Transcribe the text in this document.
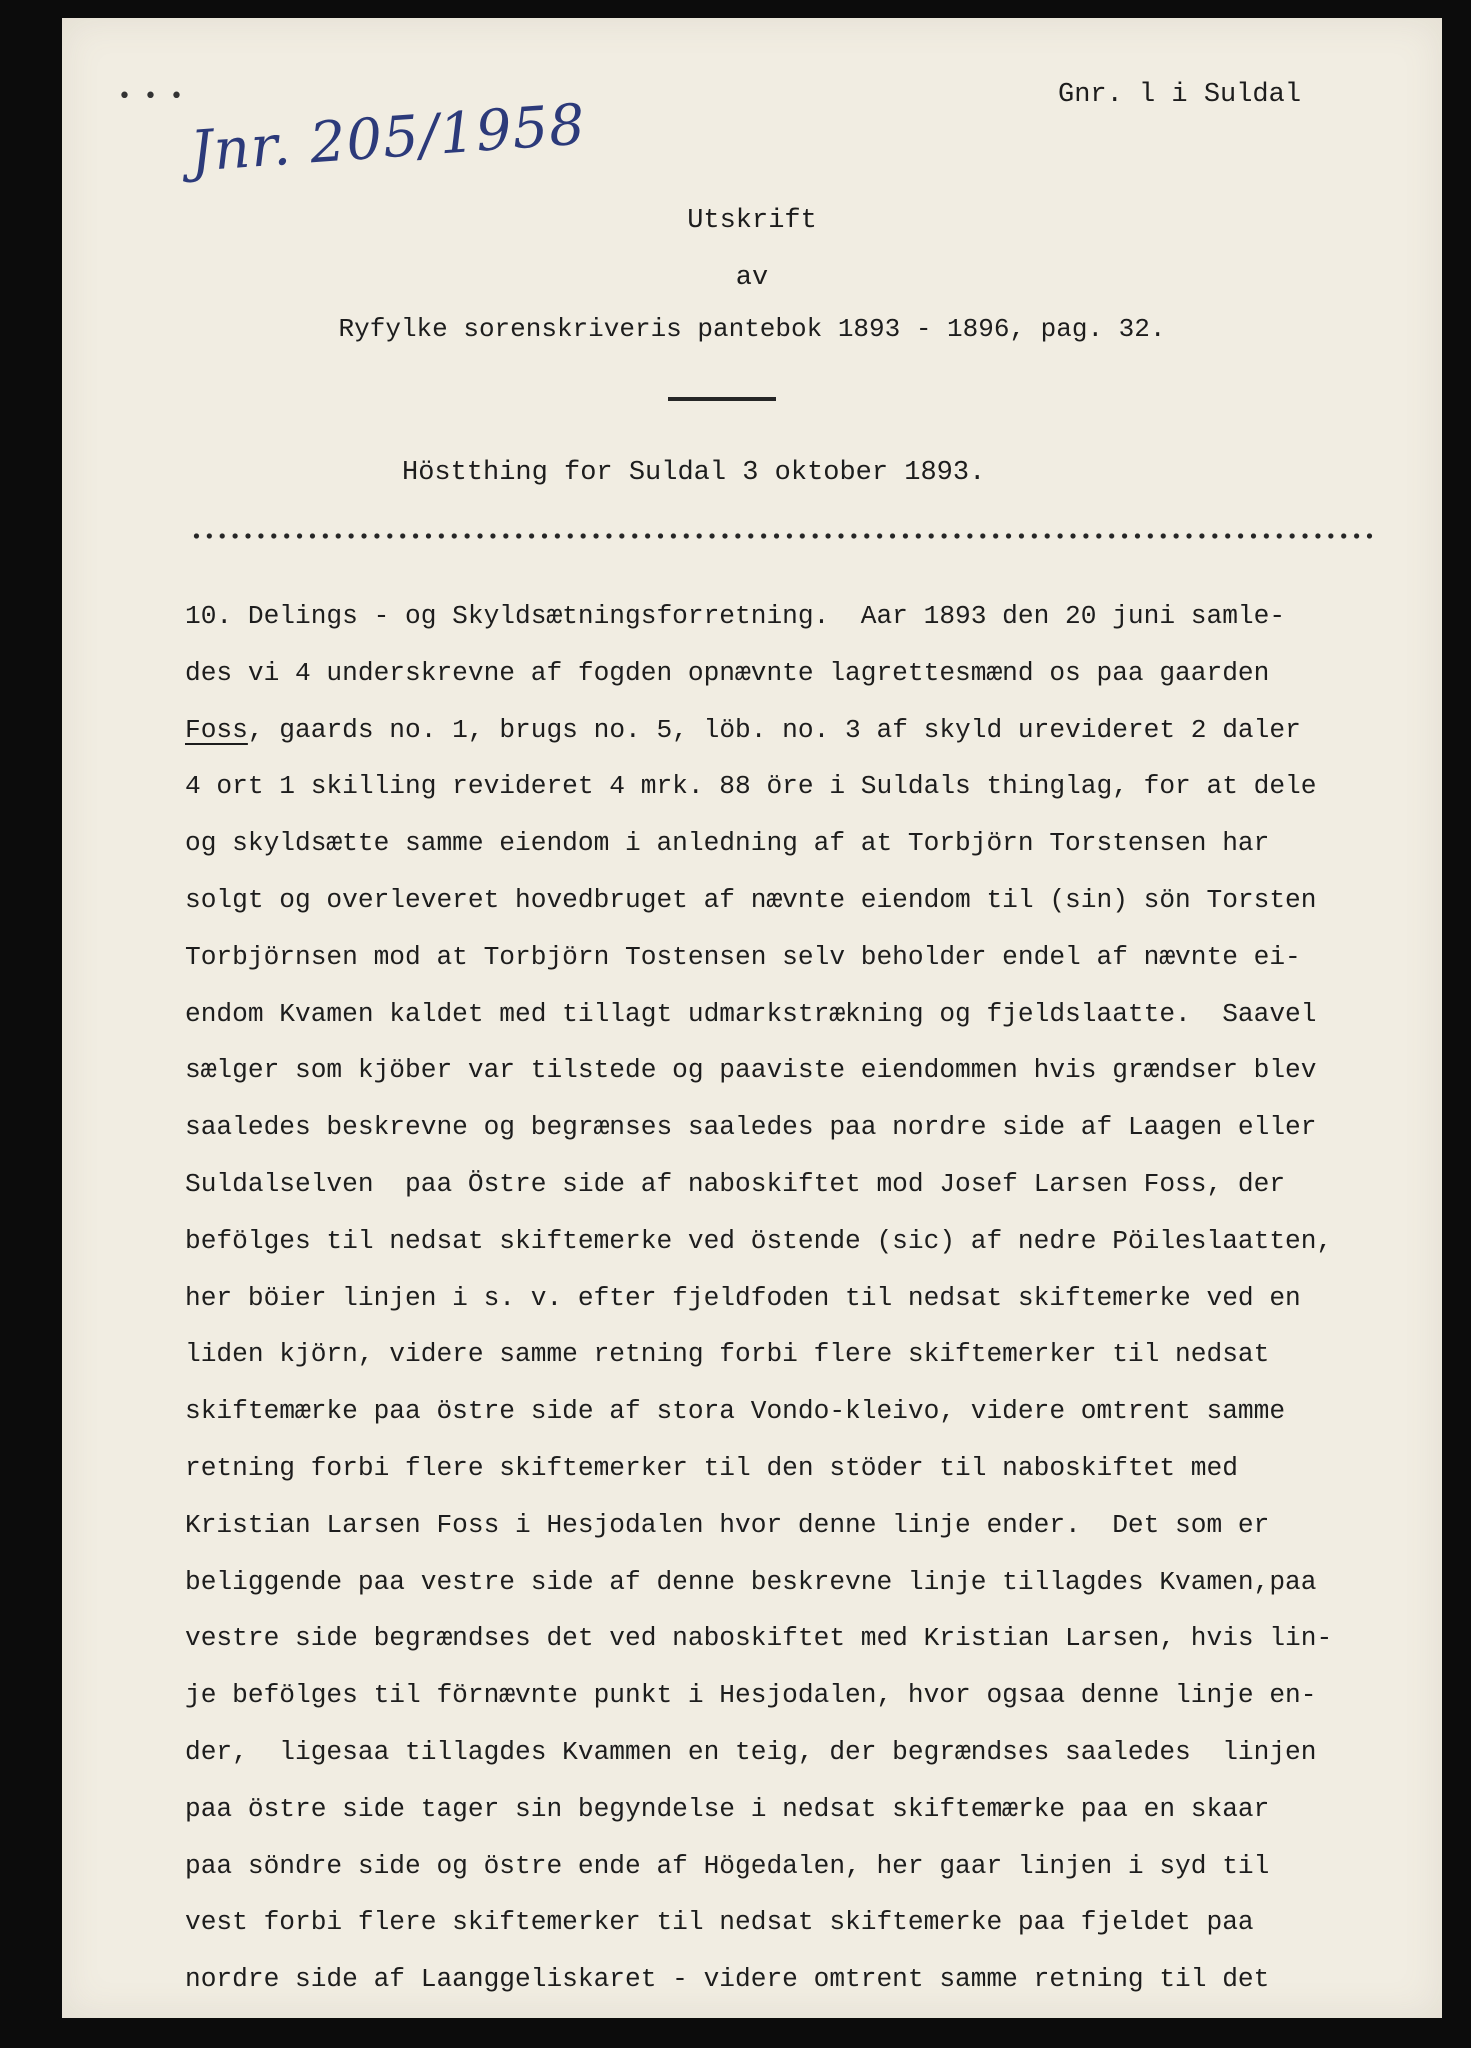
• • • Jnr. 205/1958	Gnr. l i Suldal
Utskrift
av
Ryfylke sorenskriveris pantebok 1893 - 1896, pag. 32.
Höstthing for Suldal 3 oktober 1893.
10. Delings - og Skyldsætningsforretning.  Aar 1893 den 20 juni samle-
des vi 4 underskrevne af fogden opnævnte lagrettesmænd os paa gaarden
Foss, gaards no. 1, brugs no. 5, löb. no. 3 af skyld urevideret 2 daler
4 ort 1 skilling revideret 4 mrk. 88 öre i Suldals thinglag, for at dele
og skyldsætte samme eiendom i anledning af at Torbjörn Torstensen har
solgt og overleveret hovedbruget af nævnte eiendom til (sin) sön Torsten
Torbjörnsen mod at Torbjörn Tostensen selv beholder endel af nævnte ei-
endom Kvamen kaldet med tillagt udmarkstrækning og fjeldslaatte.  Saavel
sælger som kjöber var tilstede og paaviste eiendommen hvis grændser blev
saaledes beskrevne og begrænses saaledes paa nordre side af Laagen eller
Suldalselven  paa Östre side af naboskiftet mod Josef Larsen Foss, der
befölges til nedsat skiftemerke ved östende (sic) af nedre Pöileslaatten,
her böier linjen i s. v. efter fjeldfoden til nedsat skiftemerke ved en
liden kjörn, videre samme retning forbi flere skiftemerker til nedsat
skiftemærke paa östre side af stora Vondo-kleivo, videre omtrent samme
retning forbi flere skiftemerker til den stöder til naboskiftet med
Kristian Larsen Foss i Hesjodalen hvor denne linje ender.  Det som er
beliggende paa vestre side af denne beskrevne linje tillagdes Kvamen,paa
vestre side begrændses det ved naboskiftet med Kristian Larsen, hvis lin-
je befölges til förnævnte punkt i Hesjodalen, hvor ogsaa denne linje en-
der,  ligesaa tillagdes Kvammen en teig, der begrændses saaledes  linjen
paa östre side tager sin begyndelse i nedsat skiftemærke paa en skaar
paa söndre side og östre ende af Högedalen, her gaar linjen i syd til
vest forbi flere skiftemerker til nedsat skiftemerke paa fjeldet paa
nordre side af Laanggeliskaret - videre omtrent samme retning til det
